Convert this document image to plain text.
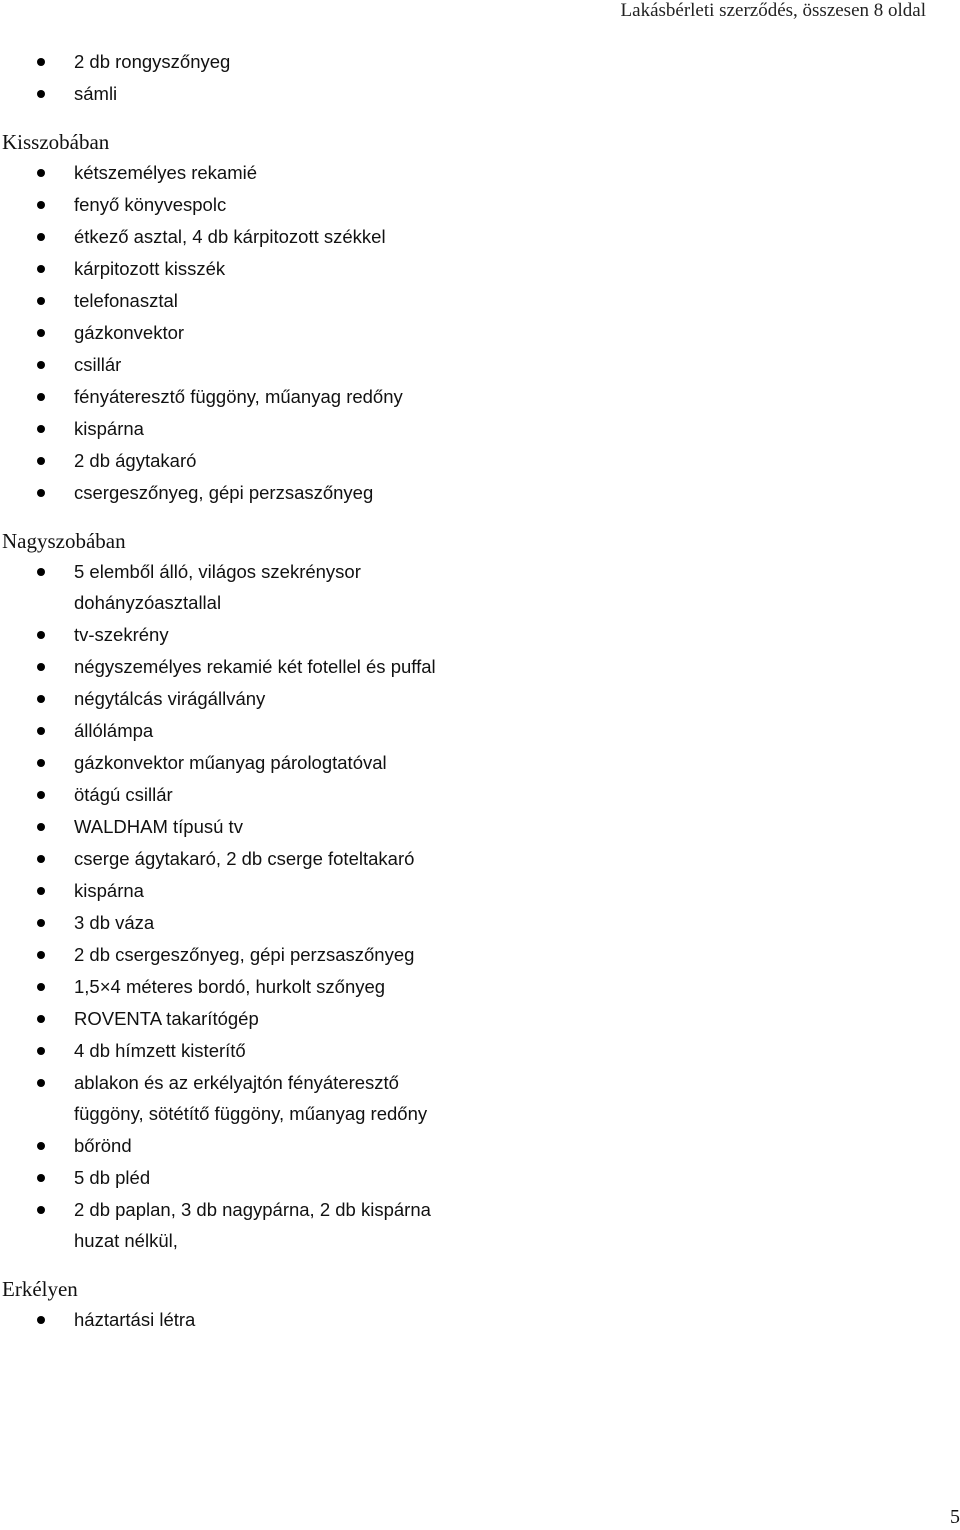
Lakásbérleti szerződés, összesen 8 oldal
2 db rongyszőnyeg
sámli
Kisszobában
kétszemélyes rekamié
fenyő könyvespolc
étkező asztal, 4 db kárpitozott székkel
kárpitozott kisszék
telefonasztal
gázkonvektor
csillár
fényáteresztő függöny, műanyag redőny
kispárna
2 db ágytakaró
csergeszőnyeg, gépi perzsaszőnyeg
Nagyszobában
5 elemből álló, világos szekrénysor dohányzóasztallal
tv-szekrény
négyszemélyes rekamié két fotellel és puffal
négytálcás virágállvány
állólámpa
gázkonvektor műanyag párologtatóval
ötágú csillár
WALDHAM típusú tv
cserge ágytakaró, 2 db cserge foteltakaró
kispárna
3 db váza
2 db csergeszőnyeg, gépi perzsaszőnyeg
1,5×4 méteres bordó, hurkolt szőnyeg
ROVENTA takarítógép
4 db hímzett kisterítő
ablakon és az erkélyajtón fényáteresztő függöny, sötétítő függöny, műanyag redőny
bőrönd
5 db pléd
2 db paplan, 3 db nagypárna, 2 db kispárna huzat nélkül,
Erkélyen
háztartási létra
5
